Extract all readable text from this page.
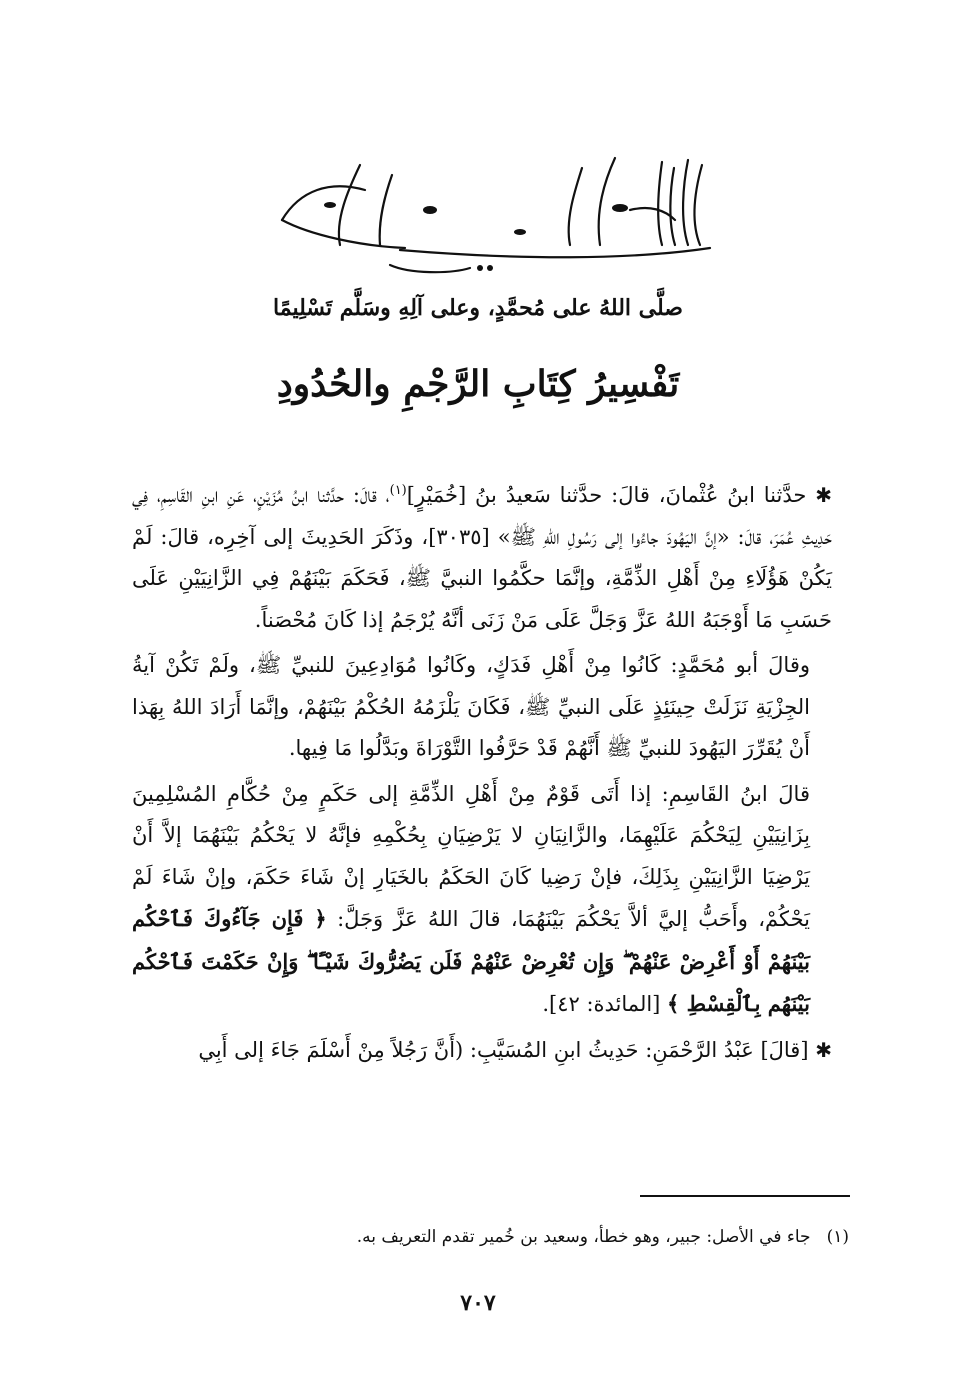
صلَّى اللهُ على مُحمَّدٍ، وعلى آلِهِ وسَلَّم تَسْلِيمًا
تَفْسِيرُ كِتَابِ الرَّجْمِ والحُدُودِ

✱ حدَّثنا ابنُ عُثْمانَ، قالَ: حدَّثنا سَعيدُ بنُ [خُمَيْرٍ]$^{(١)}$، قالَ: حدَّثنا ابنُ مُزَيْنٍ، عَنِ ابنِ القَاسِمِ، فِي حَدِيثِ عُمَرَ، قالَ: «إنَّ اليَهُودَ جاءُوا إلى رَسُولِ اللهِ ﷺ» [٣٠٣٥]، وذَكَرَ الحَدِيثَ إلى آخِرِه، قالَ: لَمْ يَكُنْ هَؤُلَاءِ مِنْ أَهْلِ الذِّمَّةِ، وإنَّمَا حكَّمُوا النبيَّ ﷺ، فَحَكَمَ بَيْنَهُمْ فِي الزَّانِيَيْنِ عَلَى حَسَبِ مَا أَوْجَبَهُ اللهُ عَزَّ وَجَلَّ عَلَى مَنْ زَنَى أنَّهُ يُرْجَمُ إذا كَانَ مُحْصَناً.

وقالَ أبو مُحَمَّدٍ: كَانُوا مِنْ أَهْلِ فَدَكٍ، وكَانُوا مُوَادِعِينَ للنبيِّ ﷺ، ولَمْ تَكُنْ آيةُ الجِزْيَةِ نَزَلَتْ حِينَئِذٍ عَلَى النبيِّ ﷺ، فَكَانَ يَلْزَمُهُ الحُكْمُ بَيْنَهُمْ، وإنَّمَا أَرَادَ اللهُ بِهَذا أَنْ يُقَرِّرَ اليَهُودَ للنبيِّ ﷺ أَنَّهُمْ قَدْ حَرَّفُوا التَّوْرَاةَ وبَدَّلُوا مَا فِيها.

قالَ ابنُ القَاسِمِ: إذا أَتَى قَوْمٌ مِنْ أَهْلِ الذِّمَّةِ إلى حَكَمٍ مِنْ حُكَّامِ المُسْلِمِينَ بِزَانِيَيْنِ لِيَحْكُمَ عَلَيْهِمَا، والزَّانِيَانِ لا يَرْضِيَانِ بِحُكْمِهِ فإنَّهُ لا يَحْكُمُ بَيْنَهُمَا إلاَّ أَنْ يَرْضِيَا الزَّانِيَيْنِ بِذَلِكَ، فإنْ رَضِيا كَانَ الحَكَمُ بالخَيَارِ إنْ شَاءَ حَكَمَ، وإنْ شَاءَ لَمْ يَحْكُمْ، وأَحَبُّ إليَّ ألاَّ يَحْكُمَ بَيْنَهُمَا، قالَ اللهُ عَزَّ وَجَلَّ: ﴿ فَإِن جَآءُوكَ فَٱحْكُم بَيْنَهُمْ أَوْ أَعْرِضْ عَنْهُمْ ۖ وَإِن تُعْرِضْ عَنْهُمْ فَلَن يَضُرُّوكَ شَيْـًٔا ۖ وَإِنْ حَكَمْتَ فَٱحْكُم بَيْنَهُم بِٱلْقِسْطِ ﴾ [المائدة: ٤٢].

✱ [قالَ] عَبْدُ الرَّحْمَنِ: حَدِيثُ ابنِ المُسَيَّبِ: (أَنَّ رَجُلاً مِنْ أَسْلَمَ جَاءَ إلى أَبِي

(١)جاء في الأصل: جبير، وهو خطأ، وسعيد بن خُمير تقدم التعريف به.
٧٠٧
